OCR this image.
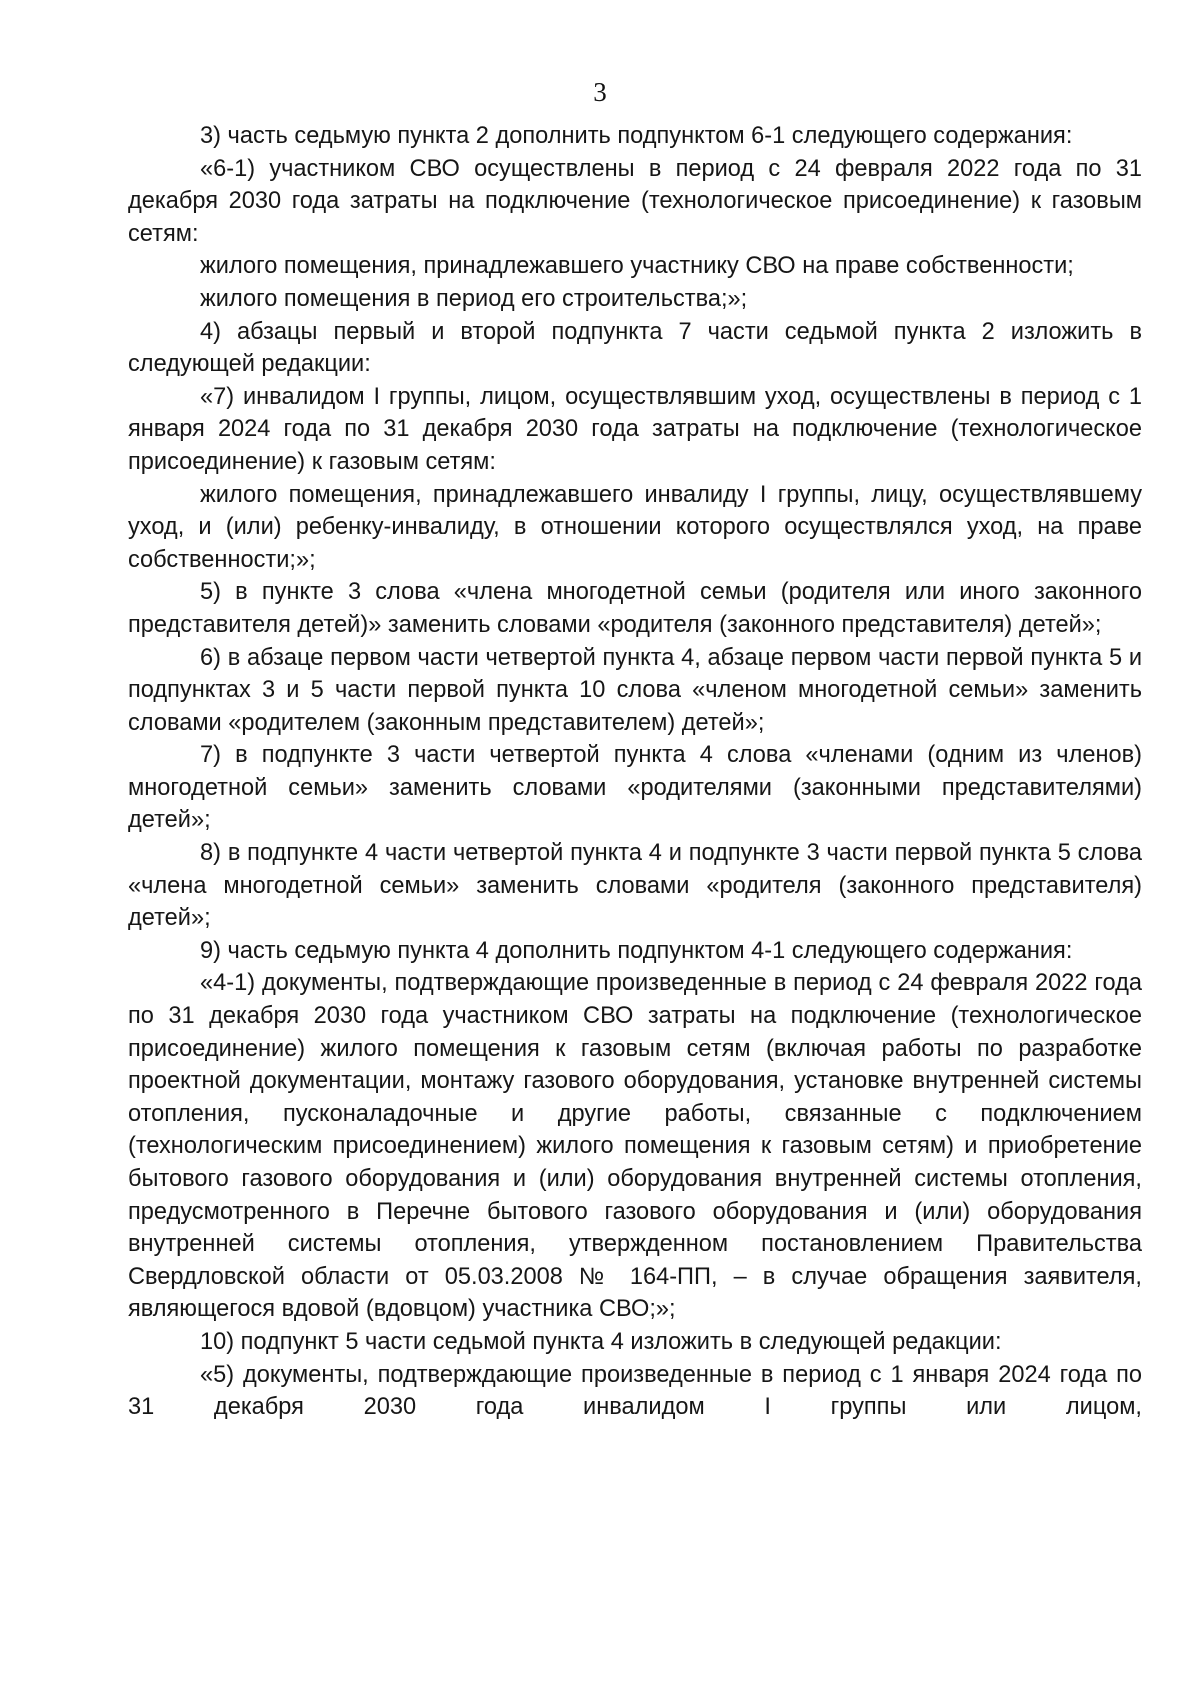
3

3) часть седьмую пункта 2 дополнить подпунктом 6-1 следующего содержания:

«6-1) участником СВО осуществлены в период с 24 февраля 2022 года по 31 декабря 2030 года затраты на подключение (технологическое присоединение) к газовым сетям:

жилого помещения, принадлежавшего участнику СВО на праве собственности;

жилого помещения в период его строительства;»;

4) абзацы первый и второй подпункта 7 части седьмой пункта 2 изложить в следующей редакции:

«7) инвалидом I группы, лицом, осуществлявшим уход, осуществлены в период с 1 января 2024 года по 31 декабря 2030 года затраты на подключение (технологическое присоединение) к газовым сетям:

жилого помещения, принадлежавшего инвалиду I группы, лицу, осуществлявшему уход, и (или) ребенку-инвалиду, в отношении которого осуществлялся уход, на праве собственности;»;

5) в пункте 3 слова «члена многодетной семьи (родителя или иного законного представителя детей)» заменить словами «родителя (законного представителя) детей»;

6) в абзаце первом части четвертой пункта 4, абзаце первом части первой пункта 5 и подпунктах 3 и 5 части первой пункта 10 слова «членом многодетной семьи» заменить словами «родителем (законным представителем) детей»;

7) в подпункте 3 части четвертой пункта 4 слова «членами (одним из членов) многодетной семьи» заменить словами «родителями (законными представителями) детей»;

8) в подпункте 4 части четвертой пункта 4 и подпункте 3 части первой пункта 5 слова «члена многодетной семьи» заменить словами «родителя (законного представителя) детей»;

9) часть седьмую пункта 4 дополнить подпунктом 4-1 следующего содержания:

«4-1) документы, подтверждающие произведенные в период с 24 февраля 2022 года по 31 декабря 2030 года участником СВО затраты на подключение (технологическое присоединение) жилого помещения к газовым сетям (включая работы по разработке проектной документации, монтажу газового оборудования, установке внутренней системы отопления, пусконаладочные и другие работы, связанные с подключением (технологическим присоединением) жилого помещения к газовым сетям) и приобретение бытового газового оборудования и (или) оборудования внутренней системы отопления, предусмотренного в Перечне бытового газового оборудования и (или) оборудования внутренней системы отопления, утвержденном постановлением Правительства Свердловской области от 05.03.2008 № 164-ПП, – в случае обращения заявителя, являющегося вдовой (вдовцом) участника СВО;»;

10) подпункт 5 части седьмой пункта 4 изложить в следующей редакции:

«5) документы, подтверждающие произведенные в период с 1 января 2024 года по 31 декабря 2030 года инвалидом I группы или лицом,
